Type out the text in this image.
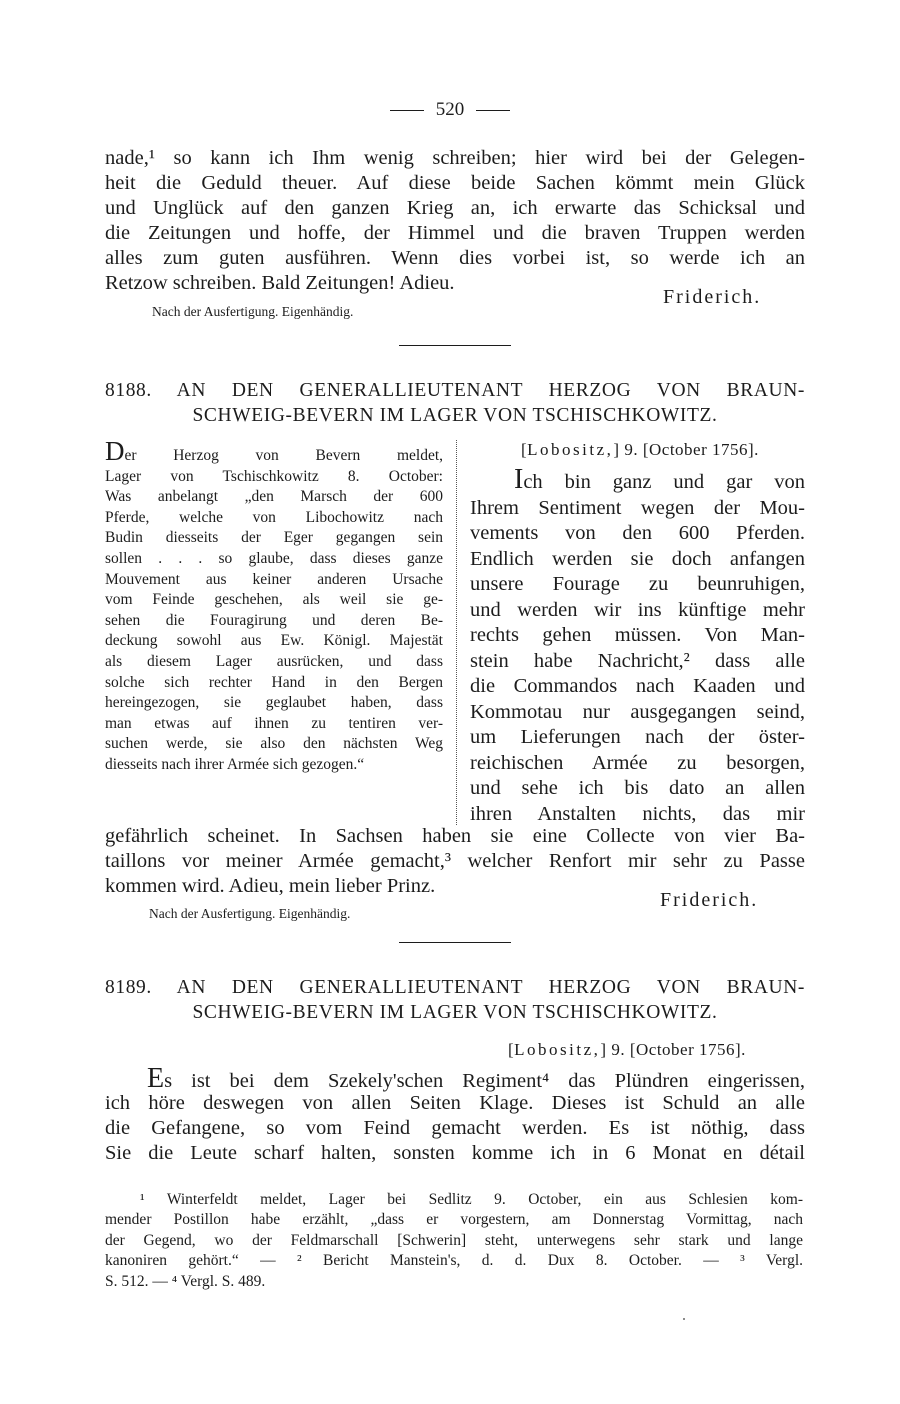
520
nade,¹ so kann ich Ihm wenig schreiben; hier wird bei der Gelegen-
heit die Geduld theuer. Auf diese beide Sachen kömmt mein Glück
und Unglück auf den ganzen Krieg an, ich erwarte das Schicksal und
die Zeitungen und hoffe, der Himmel und die braven Truppen werden
alles zum guten ausführen. Wenn dies vorbei ist, so werde ich an
Retzow schreiben. Bald Zeitungen! Adieu.
Friderich.
Nach der Ausfertigung. Eigenhändig.
8188. AN DEN GENERALLIEUTENANT HERZOG VON BRAUN-
SCHWEIG-BEVERN IM LAGER VON TSCHISCHKOWITZ.
Der Herzog von Bevern meldet,
Lager von Tschischkowitz 8. October:
Was anbelangt „den Marsch der 600
Pferde, welche von Libochowitz nach
Budin diesseits der Eger gegangen sein
sollen . . . so glaube, dass dieses ganze
Mouvement aus keiner anderen Ursache
vom Feinde geschehen, als weil sie ge-
sehen die Fouragirung und deren Be-
deckung sowohl aus Ew. Königl. Majestät
als diesem Lager ausrücken, und dass
solche sich rechter Hand in den Bergen
hereingezogen, sie geglaubet haben, dass
man etwas auf ihnen zu tentiren ver-
suchen werde, sie also den nächsten Weg
diesseits nach ihrer Armée sich gezogen.“
[Lobositz,] 9. [October 1756].
Ich bin ganz und gar von
Ihrem Sentiment wegen der Mou-
vements von den 600 Pferden.
Endlich werden sie doch anfangen
unsere Fourage zu beunruhigen,
und werden wir ins künftige mehr
rechts gehen müssen. Von Man-
stein habe Nachricht,² dass alle
die Commandos nach Kaaden und
Kommotau nur ausgegangen seind,
um Lieferungen nach der öster-
reichischen Armée zu besorgen,
und sehe ich bis dato an allen
ihren Anstalten nichts, das mir
gefährlich scheinet. In Sachsen haben sie eine Collecte von vier Ba-
taillons vor meiner Armée gemacht,³ welcher Renfort mir sehr zu Passe
kommen wird. Adieu, mein lieber Prinz.
Friderich.
Nach der Ausfertigung. Eigenhändig.
8189. AN DEN GENERALLIEUTENANT HERZOG VON BRAUN-
SCHWEIG-BEVERN IM LAGER VON TSCHISCHKOWITZ.
[Lobositz,] 9. [October 1756].
Es ist bei dem Szekely'schen Regiment⁴ das Plündren eingerissen,
ich höre deswegen von allen Seiten Klage. Dieses ist Schuld an alle
die Gefangene, so vom Feind gemacht werden. Es ist nöthig, dass
Sie die Leute scharf halten, sonsten komme ich in 6 Monat en détail
¹ Winterfeldt meldet, Lager bei Sedlitz 9. October, ein aus Schlesien kom-
mender Postillon habe erzählt, „dass er vorgestern, am Donnerstag Vormittag, nach
der Gegend, wo der Feldmarschall [Schwerin] steht, unterwegens sehr stark und lange
kanoniren gehört.“ — ² Bericht Manstein's, d. d. Dux 8. October. — ³ Vergl.
S. 512. — ⁴ Vergl. S. 489.
